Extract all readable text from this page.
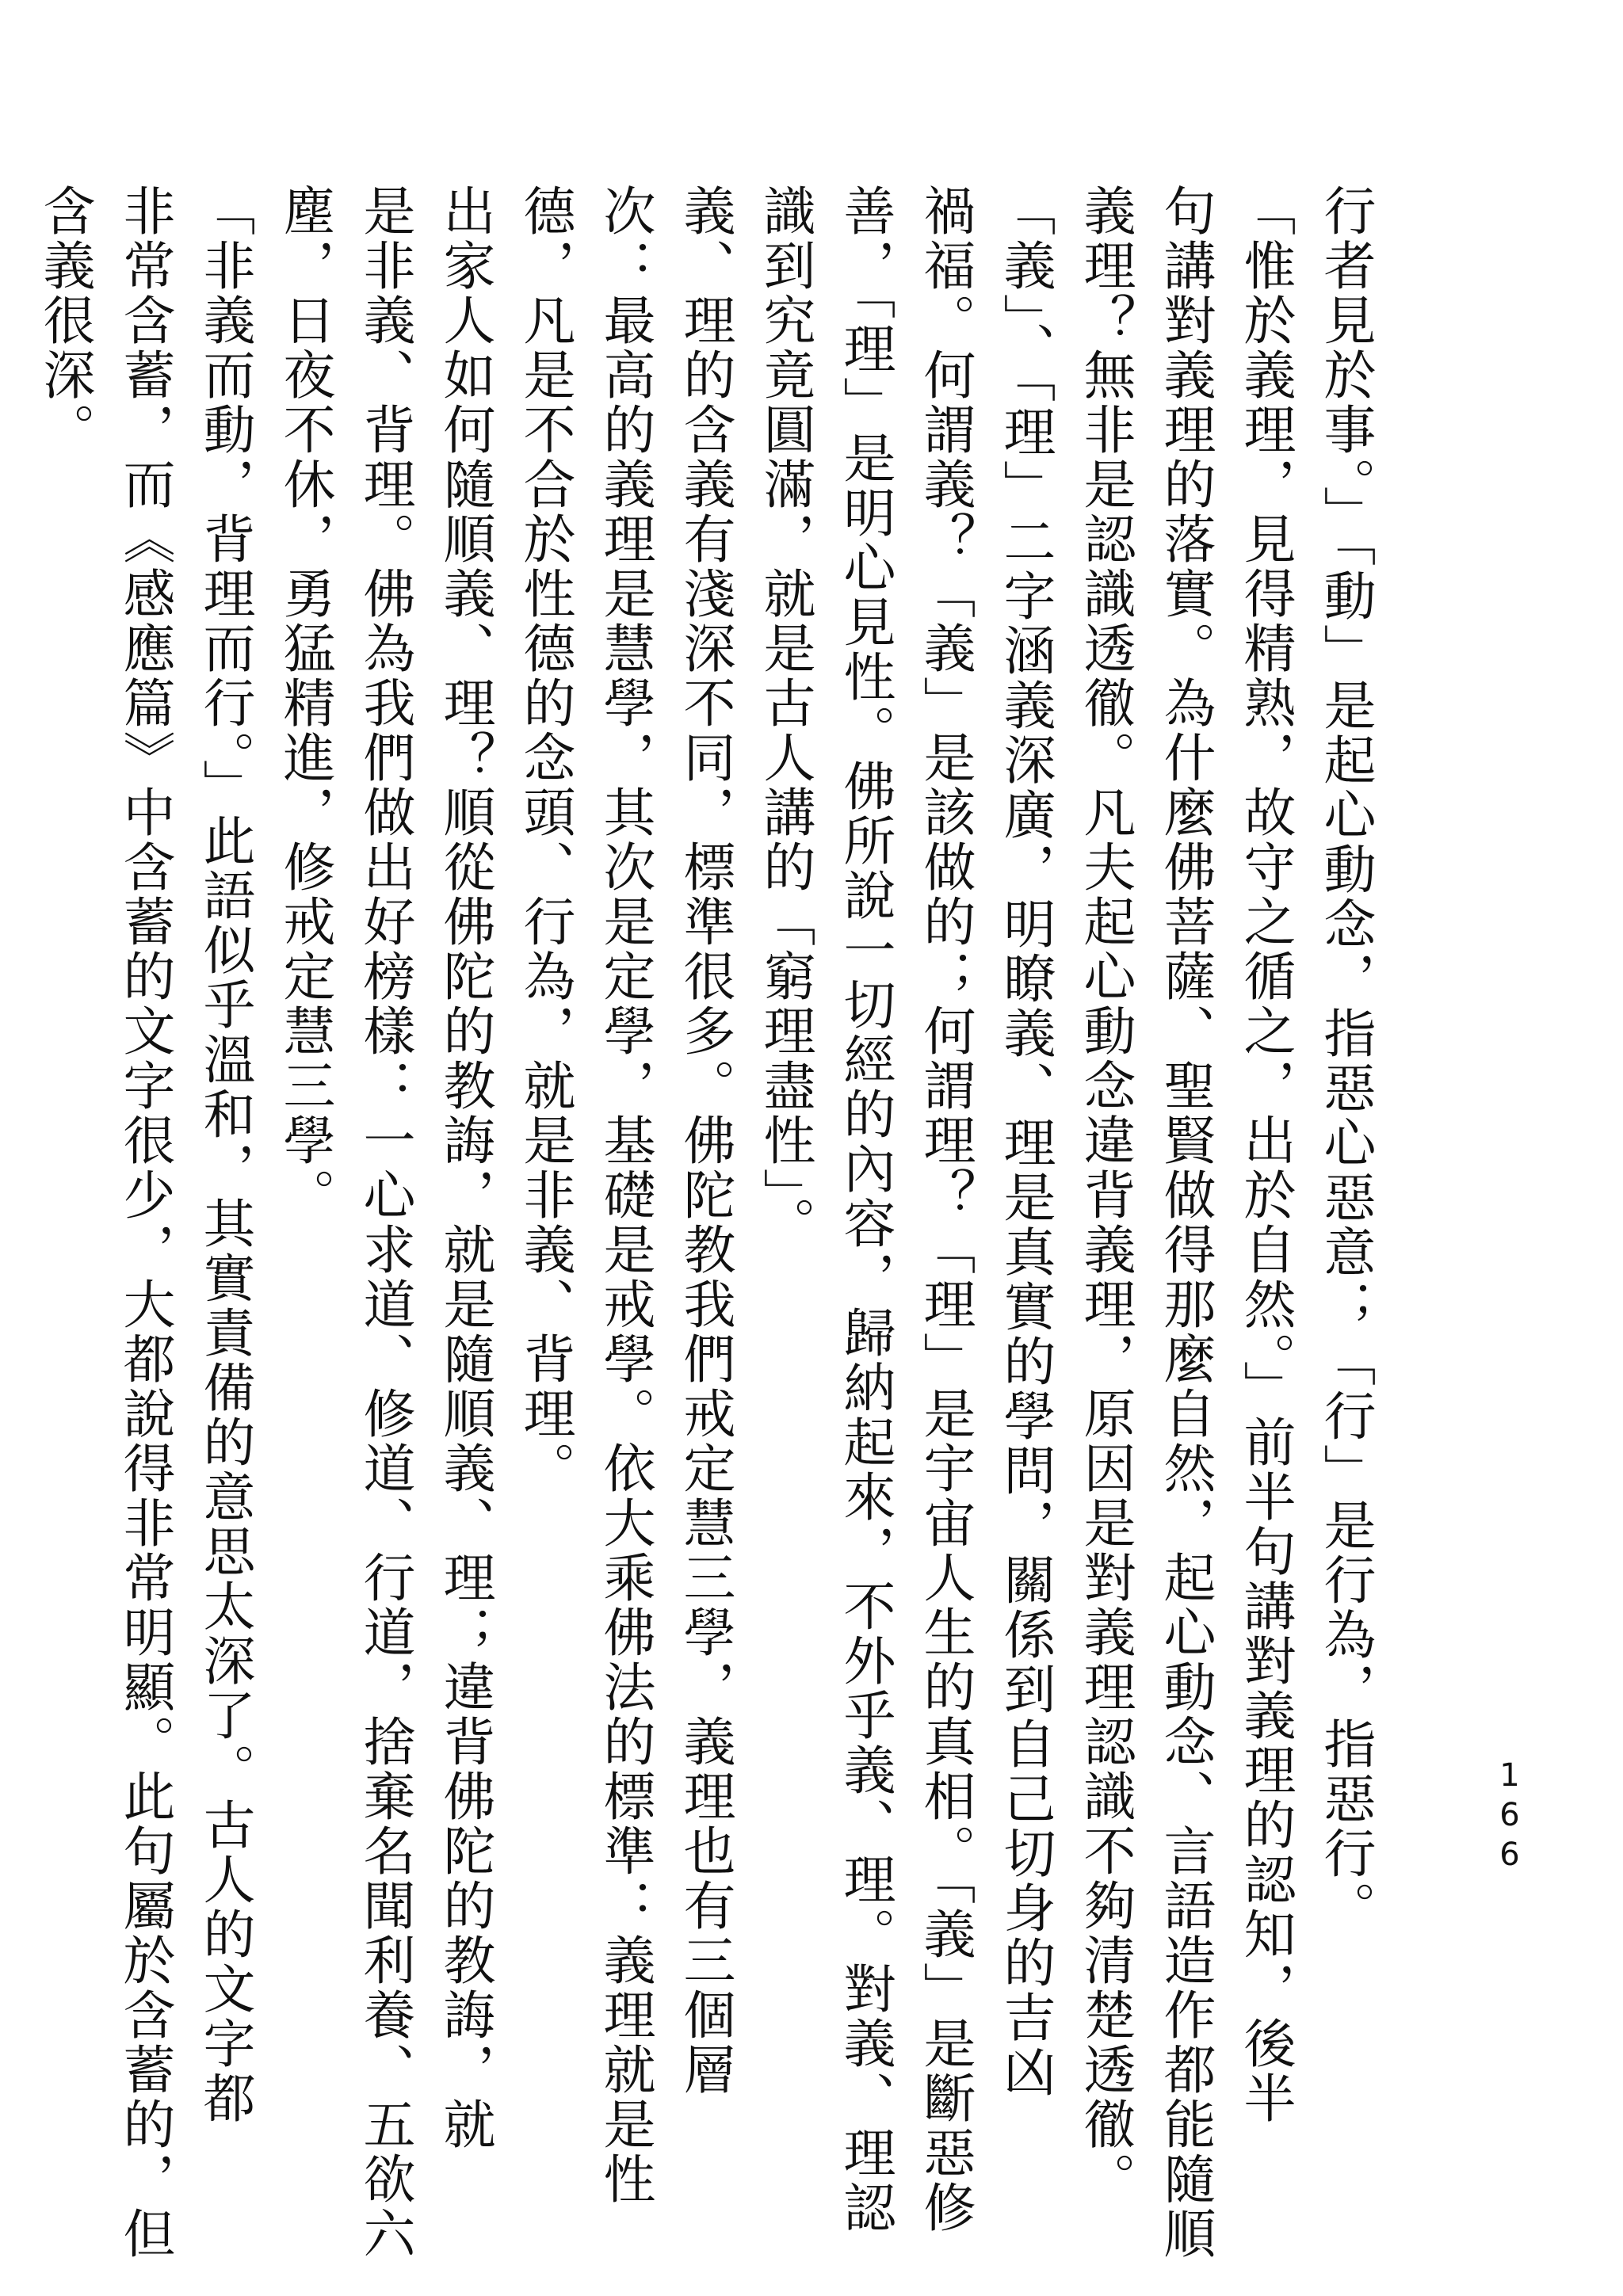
166

行者見於事。」「動」是起心動念，指惡心惡意；「行」是行為，指惡行。

「惟於義理，見得精熟，故守之循之，出於自然。」前半句講對義理的認知，後半

句講對義理的落實。為什麼佛菩薩、聖賢做得那麼自然，起心動念、言語造作都能隨順

義理？無非是認識透徹。凡夫起心動念違背義理，原因是對義理認識不夠清楚透徹。

「義」、「理」二字涵義深廣，明瞭義、理是真實的學問，關係到自己切身的吉凶

禍福。何謂義？「義」是該做的；何謂理？「理」是宇宙人生的真相。「義」是斷惡修

善，「理」是明心見性。佛所說一切經的內容，歸納起來，不外乎義、理。對義、理認

識到究竟圓滿，就是古人講的「窮理盡性」。

義、理的含義有淺深不同，標準很多。佛陀教我們戒定慧三學，義理也有三個層

次：最高的義理是慧學，其次是定學，基礎是戒學。依大乘佛法的標準：義理就是性

德，凡是不合於性德的念頭、行為，就是非義、背理。

出家人如何隨順義、理？順從佛陀的教誨，就是隨順義、理；違背佛陀的教誨，就

是非義、背理。佛為我們做出好榜樣：一心求道、修道、行道，捨棄名聞利養、五欲六

塵，日夜不休，勇猛精進，修戒定慧三學。

「非義而動，背理而行。」此語似乎溫和，其實責備的意思太深了。古人的文字都

非常含蓄，而《感應篇》中含蓄的文字很少，大都說得非常明顯。此句屬於含蓄的，但

含義很深。
